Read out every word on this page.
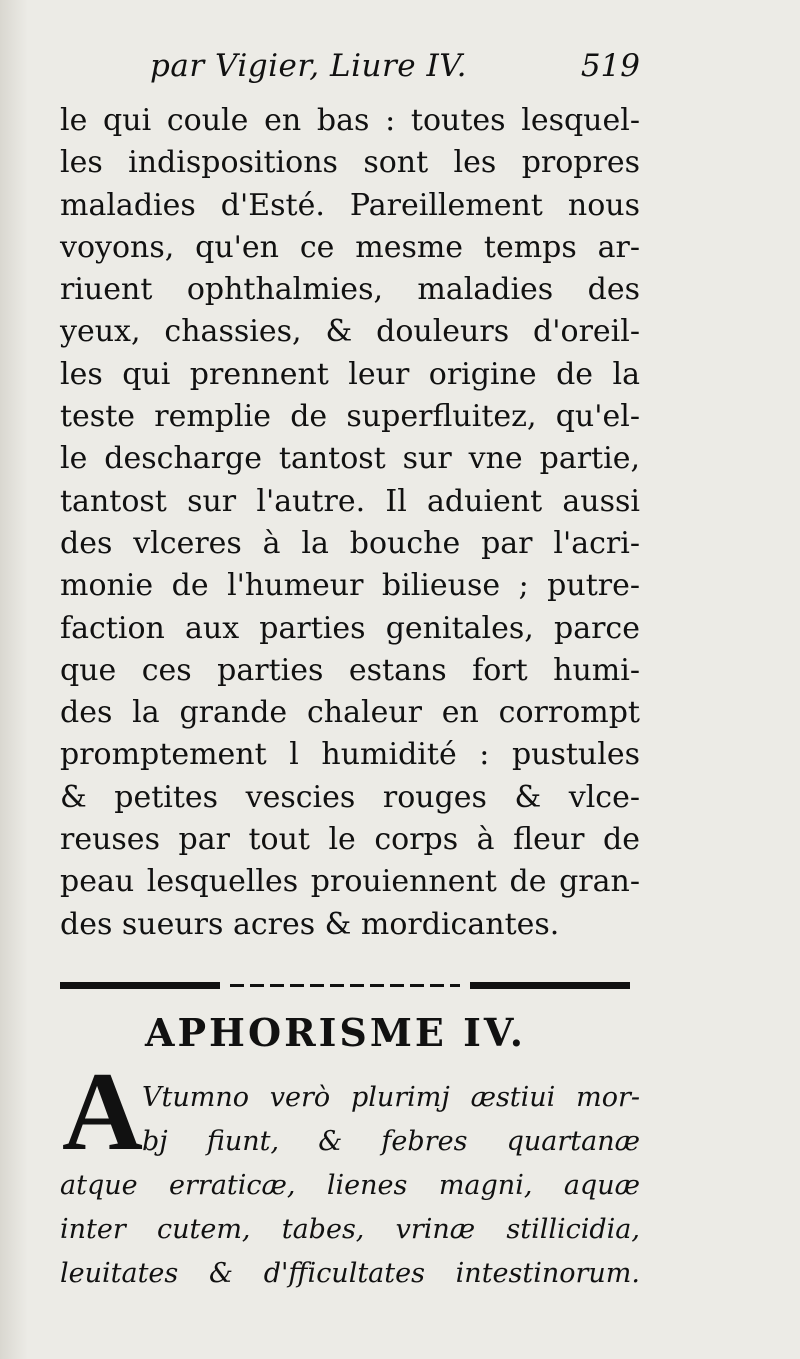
par Vigier, Liure IV.	519
le qui coule en bas : toutes lesquel-
les indispositions sont les propres
maladies d'Esté. Pareillement nous
voyons, qu'en ce mesme temps ar-
riuent ophthalmies, maladies des
yeux, chassies, & douleurs d'oreil-
les qui prennent leur origine de la
teste remplie de superfluitez, qu'el-
le descharge tantost sur vne partie,
tantost sur l'autre. Il aduient aussi
des vlceres à la bouche par l'acri-
monie de l'humeur bilieuse ; putre-
faction aux parties genitales, parce
que ces parties estans fort humi-
des la grande chaleur en corrompt
promptement l humidité : pustules
& petites vescies rouges & vlce-
reuses par tout le corps à fleur de
peau lesquelles prouiennent de gran-
des sueurs acres & mordicantes.
APHORISME IV.
A Vtumno verò plurimj æstiui mor-
bj fiunt, & febres quartanæ
atque erraticæ, lienes magni, aquæ
inter cutem, tabes, vrinæ stillicidia,
leuitates & d'fficultates intestinorum.
